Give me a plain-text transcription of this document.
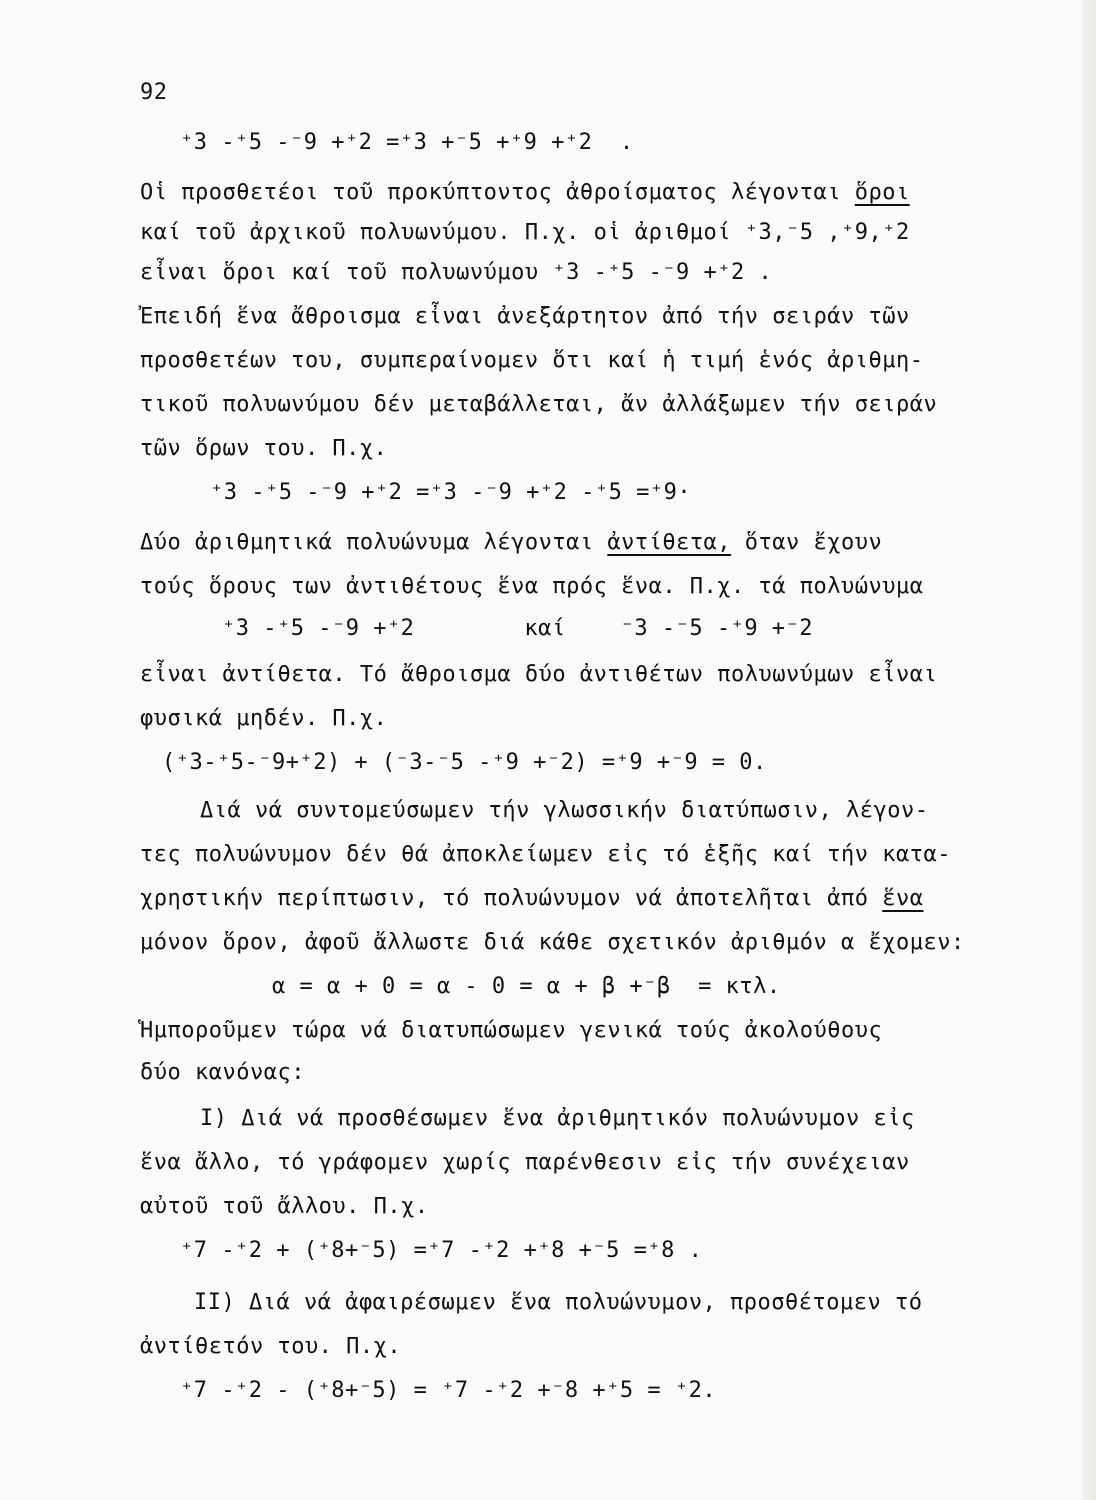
92
⁺3 -⁺5 -⁻9 +⁺2 =⁺3 +⁻5 +⁺9 +⁺2  .
Οἱ προσθετέοι τοῦ προκύπτοντος ἀθροίσματος λέγονται ὅροι
καί τοῦ ἀρχικοῦ πολυωνύμου. Π.χ. οἱ ἀριθμοί ⁺3,⁻5 ,⁺9,⁺2
εἶναι ὅροι καί τοῦ πολυωνύμου ⁺3 -⁺5 -⁻9 +⁺2 .
Ἐπειδή ἕνα ἄθροισμα εἶναι ἀνεξάρτητον ἀπό τήν σειράν τῶν
προσθετέων του, συμπεραίνομεν ὅτι καί ἡ τιμή ἑνός ἀριθμη-
τικοῦ πολυωνύμου δέν μεταβάλλεται, ἄν ἀλλάξωμεν τήν σειράν
τῶν ὅρων του. Π.χ.
⁺3 -⁺5 -⁻9 +⁺2 =⁺3 -⁻9 +⁺2 -⁺5 =⁺9·
Δύο ἀριθμητικά πολυώνυμα λέγονται ἀντίθετα, ὅταν ἔχουν
τούς ὅρους των ἀντιθέτους ἕνα πρός ἕνα. Π.χ. τά πολυώνυμα
⁺3 -⁺5 -⁻9 +⁺2        καί    ⁻3 -⁻5 -⁺9 +⁻2
εἶναι ἀντίθετα. Τό ἄθροισμα δύο ἀντιθέτων πολυωνύμων εἶναι
φυσικά μηδέν. Π.χ.
(⁺3-⁺5-⁻9+⁺2) + (⁻3-⁻5 -⁺9 +⁻2) =⁺9 +⁻9 = 0.
Διά νά συντομεύσωμεν τήν γλωσσικήν διατύπωσιν, λέγον-
τες πολυώνυμον δέν θά ἀποκλείωμεν εἰς τό ἑξῆς καί τήν κατα-
χρηστικήν περίπτωσιν, τό πολυώνυμον νά ἀποτελῆται ἀπό ἕνα
μόνον ὅρον, ἀφοῦ ἄλλωστε διά κάθε σχετικόν ἀριθμόν α ἔχομεν:
α = α + 0 = α - 0 = α + β +⁻β  = κτλ.
Ἡμποροῦμεν τώρα νά διατυπώσωμεν γενικά τούς ἀκολούθους
δύο κανόνας:
I) Διά νά προσθέσωμεν ἕνα ἀριθμητικόν πολυώνυμον εἰς
ἕνα ἄλλο, τό γράφομεν χωρίς παρένθεσιν εἰς τήν συνέχειαν
αὐτοῦ τοῦ ἄλλου. Π.χ.
⁺7 -⁺2 + (⁺8+⁻5) =⁺7 -⁺2 +⁺8 +⁻5 =⁺8 .
II) Διά νά ἀφαιρέσωμεν ἕνα πολυώνυμον, προσθέτομεν τό
ἀντίθετόν του. Π.χ.
⁺7 -⁺2 - (⁺8+⁻5) = ⁺7 -⁺2 +⁻8 +⁺5 = ⁺2.
